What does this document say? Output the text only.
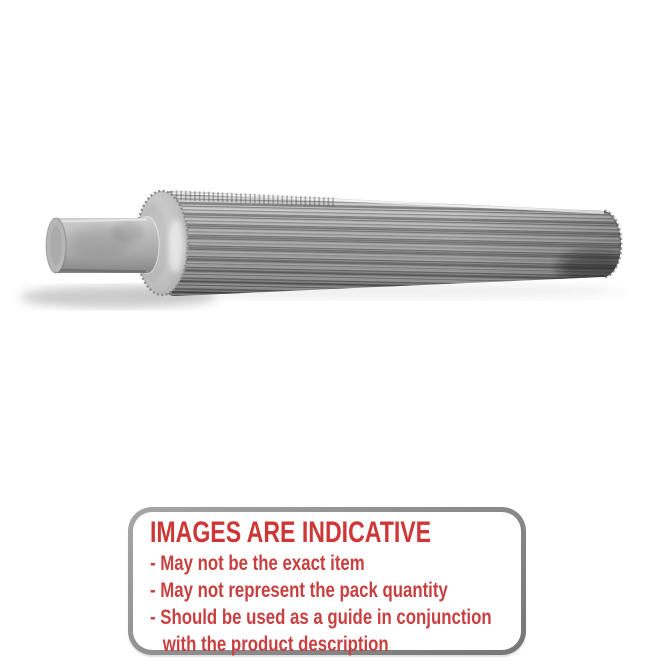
IMAGES ARE INDICATIVE

- May not be the exact item

- May not represent the pack quantity

- Should be used as a guide in conjunction

with the product description
